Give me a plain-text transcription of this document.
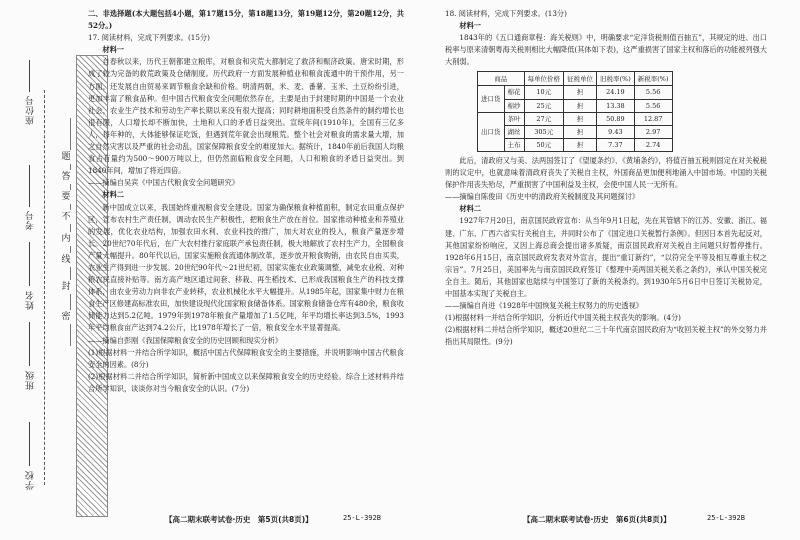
学校
班级
姓名
考号
座位号
密
封
线
内
不
要
答
题

二、非选择题(本大题包括4小题，第17题15分，第18题13分，第19题12分，第20题12分，共52分。)

17. 阅读材料，完成下列要求。(15分)

材料一

自春秋以来，历代王朝都建立粮库，对粮食和灾荒大都制定了救济和赈济政策。唐宋时期，形成了较为完备的救荒政策及仓储制度。历代政府一方面发展种植业和粮食流通中的干预作用，另一方面，还发展自由贸易来调节粮食余缺和价格。明清两朝，米、麦、番薯、玉米、土豆纷纷引进，更加丰富了粮食品种。但中国古代粮食安全问题依然存在，主要是由于封建时期的中国是一个农业社会，农业生产技术和劳动生产率长期以来没有很大提高；同时耕地面积受自然条件的制约增长也很有限，人口增长却不断加快，土地和人口的矛盾日益突出。宣统年间(1910年)，全国有三亿多人，每年种的，大体能够保证吃饭，但遇到荒年就会出现粮荒。整个社会对粮食的需求量大增，加之自然灾害以及严重的社会动乱，国家保障粮食安全的难度加大。据统计，1840年前后我国人均粮食占有量约为500～900万吨以上，但仍然面临粮食安全问题，人口和粮食的矛盾日益突出。到1840年间，增加了将近四倍。

——摘编自吴宾《中国古代粮食安全问题研究》

材料二

新中国成立以来，我国始终重视粮食安全建设。国家为确保粮食种植面积，制定农田重点保护区，宣布农村生产责任制，调动农民生产积极性，把粮食生产放在首位。国家推动种植业和养殖业的发展，优化农业结构，加强农田水利、农业科技的推广，加大对农业的投入，粮食产量逐步增长。20世纪70年代后，在广大农村推行家庭联产承包责任制，极大地解放了农村生产力，全国粮食产量大幅提升。80年代以后，国家实施粮食流通体制改革，逐步放开粮食购销，由农民自由买卖，农业生产得到进一步发展。20世纪90年代～21世纪初，国家实施农业政策调整，减免农业税、对种粮农民直接补贴等。南方高产地区通过间套、移栽、再生稻技术、已形成我国粮食生产的科技支撑体系，由农业劳动力向非农产业转移，农业机械化水平大幅提升。从1985年起，国家集中财力在粮食生产区修建高标准农田，加快建设现代化国家粮食储备体系。国家粮食储备仓库有480余，粮食收储能力达到5.2亿吨。1979年到1978年粮食产量增加了1.5亿吨，年平均增长率达到3.5%，1993年平均粮食亩产达到74.2公斤，比1978年增长了一倍，粮食安全水平显著提高。

——摘编自彭刚《我国保障粮食安全的历史回顾和现实分析》

(1)根据材料一并结合所学知识，概括中国古代保障粮食安全的主要措施，并说明影响中国古代粮食安全的因素。(8分)

(2)根据材料二并结合所学知识，简析新中国成立以来保障粮食安全的历史经验。综合上述材料并结合所学知识，谈谈你对当今粮食安全的认识。(7分)

18. 阅读材料，完成下列要求。(13分)

材料一

1843年的《五口通商章程：海关税则》中，明确要求“定洋货税则值百抽五”，其规定的进、出口税率与原来清朝粤海关税则相比大幅降低(其体如下表)，这严重损害了国家主权和落后的功能被列强大大削弱。

商品		每单位价格	征税单位	旧税率(%)	新税率(%)
进口货	棉花	10元	担	24.19	5.56
	棉纱	25元	担	13.38	5.56
出口货	茶叶	27元	担	50.89	12.87
	湖丝	305元	担	9.43	2.97
	土布	50元	担	7.37	2.74

此后，清政府又与美、法两国签订了《望厦条约》、《黄埔条约》，将值百抽五税则固定在对关税税则的议定中，也就意味着清政府丧失了关税自主权，外国商品更加便利地涌入中国市场。中国的关税保护作用丧失殆尽，严重损害了中国利益及主权，会使中国人民一无所有。

——摘编自陈俊田《历史中的清政府关税制度及其问题探讨》

材料二

1927年7月20日，南京国民政府宣布：从当年9月1日起，先在其管辖下的江苏、安徽、浙江、福建、广东、广西六省实行关税自主，并同时公布了《国定进口关税暂行条例》。但因日本首先起反对，其他国家纷纷响应，又因上海总商会提出诸多质疑，南京国民政府对关税自主问题只好暂停推行。1928年6月15日，南京国民政府发表对外宣言，提出“重订新约”，“以符完全平等及相互尊重主权之宗旨”。7月25日，美国率先与南京国民政府签订《整理中美两国关税关系之条约》，承认中国关税完全自主。随后，其他国家也陆续与中国签订了新的关税条约。到1930年5月6日中日签订关税协定，中国基本实现了关税自主。

——摘编自肖进《1928年中国恢复关税主权努力的历史透视》

(1)根据材料一并结合所学知识，分析近代中国关税主权丧失的影响。(4分)

(2)根据材料二并结合所学知识，概述20世纪二三十年代南京国民政府为“收回关税主权”的外交努力并指出其局限性。(9分)

【高二期末联考试卷·历史　第5页(共8页)】	25-L-392B	【高二期末联考试卷·历史　第6页(共8页)】	25-L-392B
